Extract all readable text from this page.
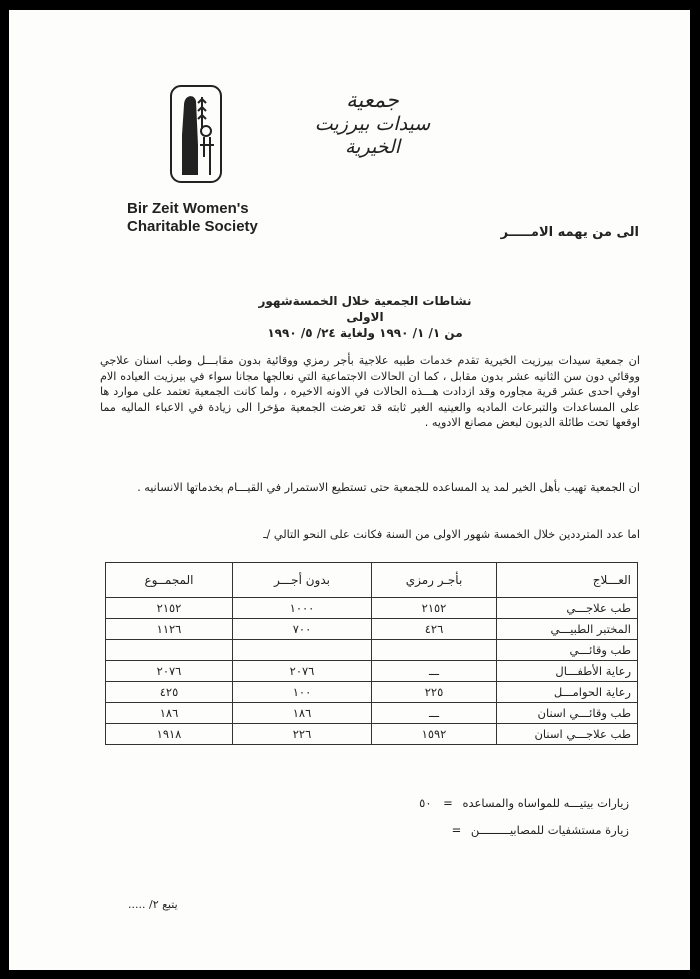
جمعية
سيدات بيرزيت الخيرية
Bir Zeit Women's
Charitable Society	الى من يهمه الامـــــر
نشاطات الجمعية خلال الخمسةشهور الاولى
من ١/ ١/ ١٩٩٠ ولغاية ٢٤/ ٥/ ١٩٩٠
ان جمعية سيدات بيرزيت الخيرية تقدم خدمات طبيه علاجية بأجر رمزي ووقائية بدون مقابـــل وطب اسنان علاجي ووقائي دون سن الثانيه عشر بدون مقابل ، كما ان الحالات الاجتماعية التي نعالجها مجانا سواء في بيرزيت العياده الام اوفي احدى عشر قرية مجاوره وقد ازدادت هـــذه الحالات في الاونه الاخيره ، ولما كانت الجمعية تعتمد على موارد ها على المساعدات والتبرعات الماديه والعينيه الغير ثابته قد تعرضت الجمعية مؤخرا الى زيادة في الاعباء الماليه مما اوقعها تحت طائلة الديون لبعض مصانع الادويه .
ان الجمعية تهيب بأهل الخير لمد يد المساعده للجمعية حتى تستطيع الاستمرار في القيـــام بخدماتها الانسانيه .
اما عدد المترددين خلال الخمسة شهور الاولى من السنة فكانت على النحو التالي /ـ
العـــلاج	بأجـر رمزي	بدون أجـــر	المجمــوع
طب علاجـــي	٢١٥٢	١٠٠٠	٢١٥٢
المختبر الطبيـــي	٤٢٦	٧٠٠	١١٢٦
طب وقائـــي			
رعاية الأطفـــال	ـــ	٢٠٧٦	٢٠٧٦
رعاية الحوامـــل	٢٢٥	١٠٠	٤٢٥
طب وقائـــي اسنان	ـــ	١٨٦	١٨٦
طب علاجـــي اسنان	١٥٩٢	٢٢٦	١٩١٨
زيارات بيتيـــه للمواساه والمساعده = ٥٠
زيارة مستشفيات للمصابيـــــــــن =
يتبع ٢/ .....
